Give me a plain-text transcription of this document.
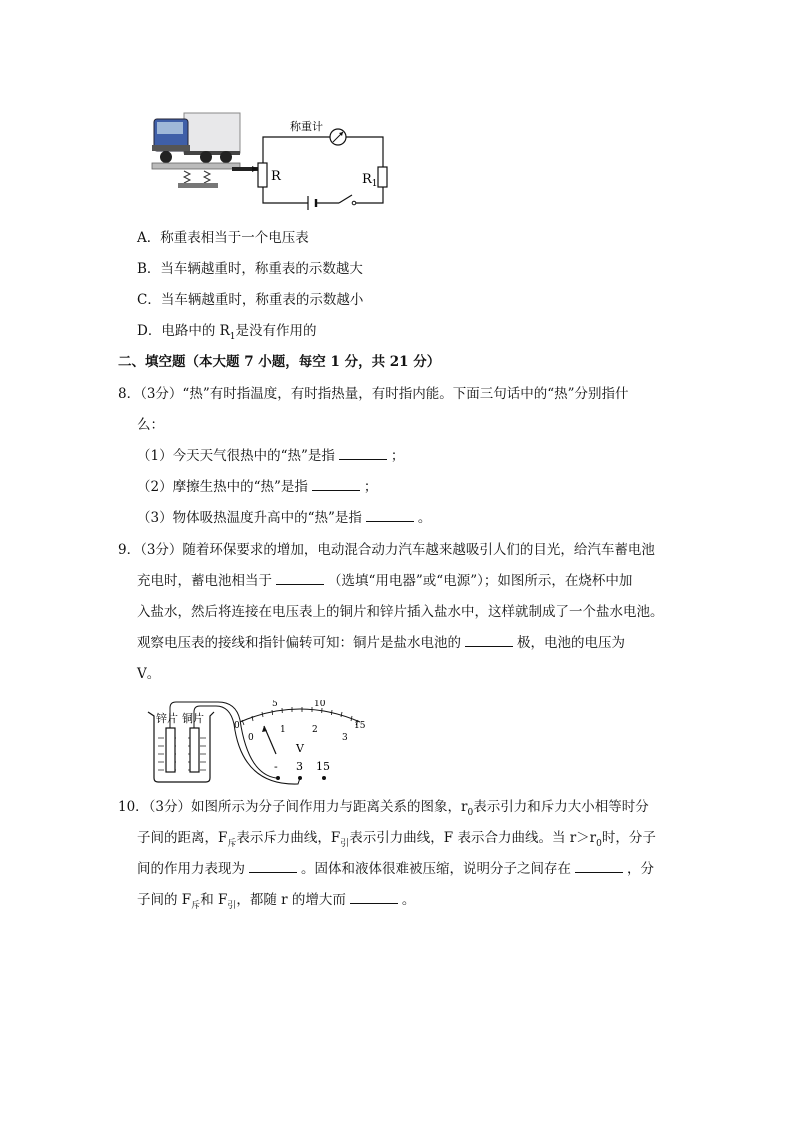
称重计
R	$R_1$
A．称重表相当于一个电压表
B．当车辆越重时，称重表的示数越大
C．当车辆越重时，称重表的示数越小
D．电路中的 $R_1$是没有作用的
二、填空题（本大题 7 小题，每空 1 分，共 21 分）
8．（3分）“热”有时指温度，有时指热量，有时指内能。下面三句话中的“热”分别指什
么：
（1）今天天气很热中的“热”是指	；
（2）摩擦生热中的“热”是指	；
（3）物体吸热温度升高中的“热”是指	。
9．（3分）随着环保要求的增加，电动混合动力汽车越来越吸引人们的目光，给汽车蓄电池
充电时，蓄电池相当于	（选填“用电器”或“电源”）；如图所示，在烧杯中加
入盐水，然后将连接在电压表上的铜片和锌片插入盐水中，这样就制成了一个盐水电池。
观察电压表的接线和指针偏转可知：铜片是盐水电池的	极，电池的电压为
V。
锌片 铜片
0
5	10
15
0
1	2
3
V
- 3 15
10．（3分）如图所示为分子间作用力与距离关系的图象，$r_0$表示引力和斥力大小相等时分
子间的距离，$F_斥$表示斥力曲线，$F_引$表示引力曲线，F 表示合力曲线。当 $r>r_0$时，分子
间的作用力表现为	。固体和液体很难被压缩，说明分子之间存在	，分
子间的 $F_斥$和 $F_引$，都随 r 的增大而	。
